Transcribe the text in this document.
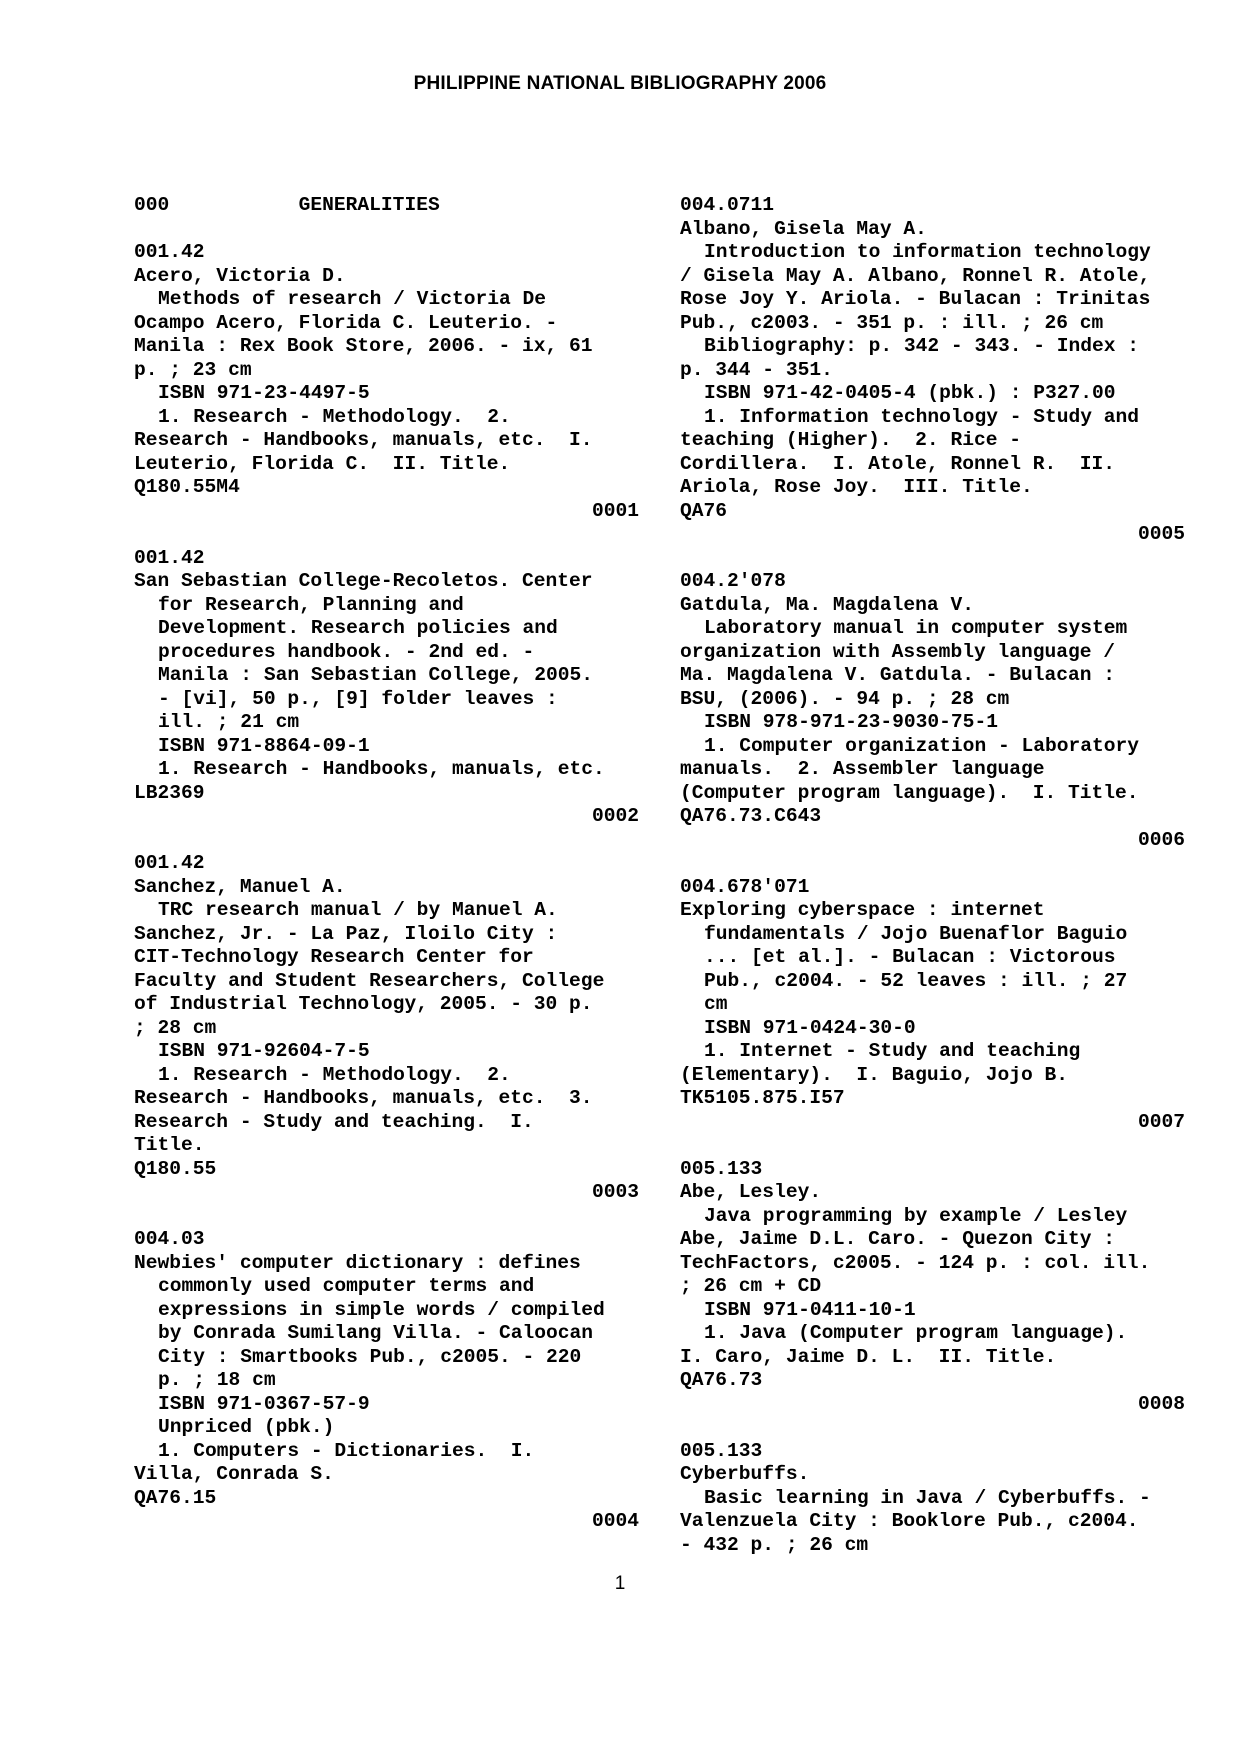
PHILIPPINE NATIONAL BIBLIOGRAPHY 2006
000           GENERALITIES
001.42
Acero, Victoria D.
Methods of research / Victoria De
Ocampo Acero, Florida C. Leuterio. -
Manila : Rex Book Store, 2006. - ix, 61
p. ; 23 cm
ISBN 971-23-4497-5
1. Research - Methodology.  2.
Research - Handbooks, manuals, etc.  I.
Leuterio, Florida C.  II. Title.
Q180.55M4
0001
001.42
San Sebastian College-Recoletos. Center
for Research, Planning and
Development. Research policies and
procedures handbook. - 2nd ed. -
Manila : San Sebastian College, 2005.
- [vi], 50 p., [9] folder leaves :
ill. ; 21 cm
ISBN 971-8864-09-1
1. Research - Handbooks, manuals, etc.
LB2369
0002
001.42
Sanchez, Manuel A.
TRC research manual / by Manuel A.
Sanchez, Jr. - La Paz, Iloilo City :
CIT-Technology Research Center for
Faculty and Student Researchers, College
of Industrial Technology, 2005. - 30 p.
; 28 cm
ISBN 971-92604-7-5
1. Research - Methodology.  2.
Research - Handbooks, manuals, etc.  3.
Research - Study and teaching.  I.
Title.
Q180.55
0003
004.03
Newbies' computer dictionary : defines
commonly used computer terms and
expressions in simple words / compiled
by Conrada Sumilang Villa. - Caloocan
City : Smartbooks Pub., c2005. - 220
p. ; 18 cm
ISBN 971-0367-57-9
Unpriced (pbk.)
1. Computers - Dictionaries.  I.
Villa, Conrada S.
QA76.15
0004
004.0711
Albano, Gisela May A.
Introduction to information technology
/ Gisela May A. Albano, Ronnel R. Atole,
Rose Joy Y. Ariola. - Bulacan : Trinitas
Pub., c2003. - 351 p. : ill. ; 26 cm
Bibliography: p. 342 - 343. - Index :
p. 344 - 351.
ISBN 971-42-0405-4 (pbk.) : P327.00
1. Information technology - Study and
teaching (Higher).  2. Rice -
Cordillera.  I. Atole, Ronnel R.  II.
Ariola, Rose Joy.  III. Title.
QA76
0005
004.2'078
Gatdula, Ma. Magdalena V.
Laboratory manual in computer system
organization with Assembly language /
Ma. Magdalena V. Gatdula. - Bulacan :
BSU, (2006). - 94 p. ; 28 cm
ISBN 978-971-23-9030-75-1
1. Computer organization - Laboratory
manuals.  2. Assembler language
(Computer program language).  I. Title.
QA76.73.C643
0006
004.678'071
Exploring cyberspace : internet
fundamentals / Jojo Buenaflor Baguio
... [et al.]. - Bulacan : Victorous
Pub., c2004. - 52 leaves : ill. ; 27
cm
ISBN 971-0424-30-0
1. Internet - Study and teaching
(Elementary).  I. Baguio, Jojo B.
TK5105.875.I57
0007
005.133
Abe, Lesley.
Java programming by example / Lesley
Abe, Jaime D.L. Caro. - Quezon City :
TechFactors, c2005. - 124 p. : col. ill.
; 26 cm + CD
ISBN 971-0411-10-1
1. Java (Computer program language).
I. Caro, Jaime D. L.  II. Title.
QA76.73
0008
005.133
Cyberbuffs.
Basic learning in Java / Cyberbuffs. -
Valenzuela City : Booklore Pub., c2004.
- 432 p. ; 26 cm
1
